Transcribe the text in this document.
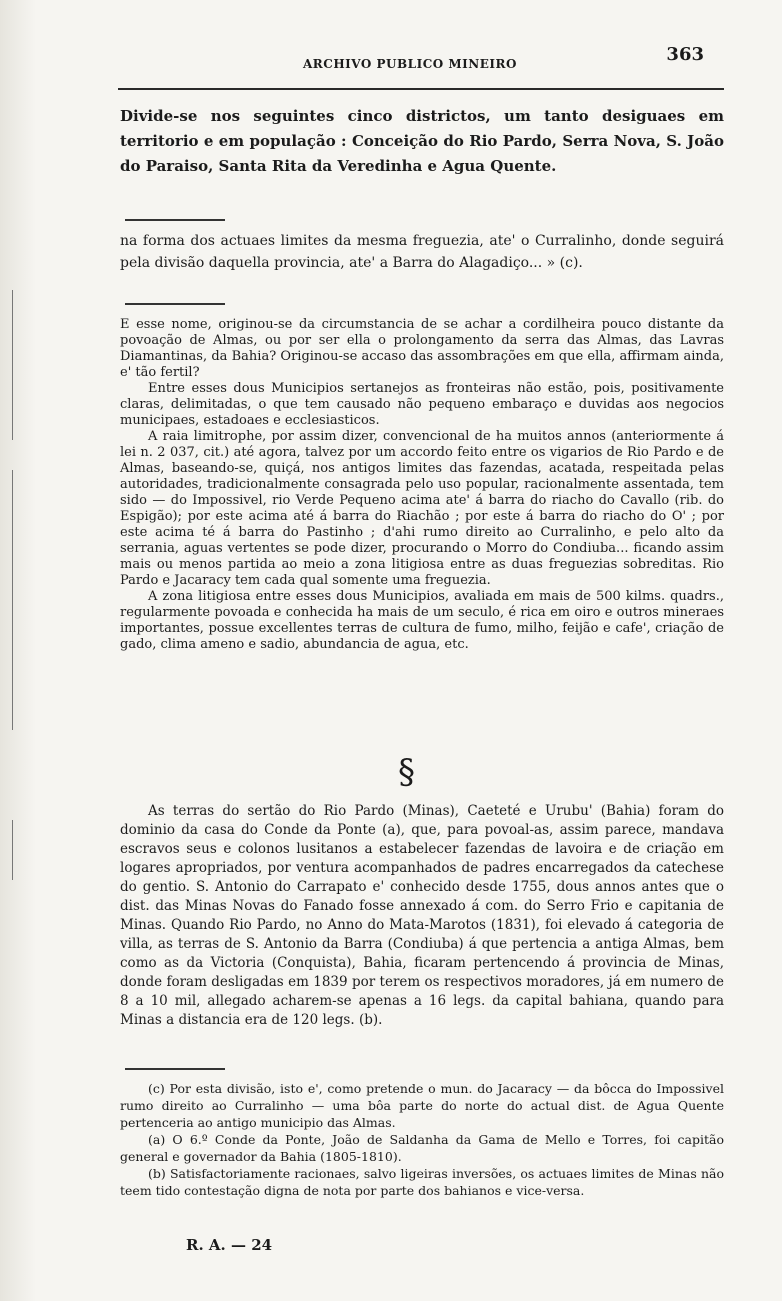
ARCHIVO PUBLICO MINEIRO	363

Divide-se nos seguintes cinco districtos, um tanto desiguaes em territorio e em população : Conceição do Rio Pardo, Serra Nova, S. João do Paraiso, Santa Rita da Veredinha e Agua Quente.

na forma dos actuaes limites da mesma freguezia, ate' o Curralinho, donde seguirá pela divisão daquella provincia, ate' a Barra do Alagadiço... » (c).

E esse nome, originou-se da circumstancia de se achar a cordilheira pouco distante da povoação de Almas, ou por ser ella o prolongamento da serra das Almas, das Lavras Diamantinas, da Bahia? Originou-se accaso das assombrações em que ella, affirmam ainda, e' tão fertil?

Entre esses dous Municipios sertanejos as fronteiras não estão, pois, positivamente claras, delimitadas, o que tem causado não pequeno embaraço e duvidas aos negocios municipaes, estadoaes e ecclesiasticos.

A raia limitrophe, por assim dizer, convencional de ha muitos annos (anteriormente á lei n. 2 037, cit.) até agora, talvez por um accordo feito entre os vigarios de Rio Pardo e de Almas, baseando-se, quiçá, nos antigos limites das fazendas, acatada, respeitada pelas autoridades, tradicionalmente consagrada pelo uso popular, racionalmente assentada, tem sido — do Impossivel, rio Verde Pequeno acima ate' á barra do riacho do Cavallo (rib. do Espigão); por este acima até á barra do Riachão ; por este á barra do riacho do O' ; por este acima té á barra do Pastinho ; d'ahi rumo direito ao Curralinho, e pelo alto da serrania, aguas vertentes se pode dizer, procurando o Morro do Condiuba... ficando assim mais ou menos partida ao meio a zona litigiosa entre as duas freguezias sobreditas. Rio Pardo e Jacaracy tem cada qual somente uma freguezia.

A zona litigiosa entre esses dous Municipios, avaliada em mais de 500 kilms. quadrs., regularmente povoada e conhecida ha mais de um seculo, é rica em oiro e outros mineraes importantes, possue excellentes terras de cultura de fumo, milho, feijão e cafe', criação de gado, clima ameno e sadio, abundancia de agua, etc.

§

As terras do sertão do Rio Pardo (Minas), Caeteté e Urubu' (Bahia) foram do dominio da casa do Conde da Ponte (a), que, para povoal-as, assim parece, mandava escravos seus e colonos lusitanos a estabelecer fazendas de lavoira e de criação em logares apropriados, por ventura acompanhados de padres encarregados da catechese do gentio. S. Antonio do Carrapato e' conhecido desde 1755, dous annos antes que o dist. das Minas Novas do Fanado fosse annexado á com. do Serro Frio e capitania de Minas. Quando Rio Pardo, no Anno do Mata-Marotos (1831), foi elevado á categoria de villa, as terras de S. Antonio da Barra (Condiuba) á que pertencia a antiga Almas, bem como as da Victoria (Conquista), Bahia, ficaram pertencendo á provincia de Minas, donde foram desligadas em 1839 por terem os respectivos moradores, já em numero de 8 a 10 mil, allegado acharem-se apenas a 16 legs. da capital bahiana, quando para Minas a distancia era de 120 legs. (b).

(c) Por esta divisão, isto e', como pretende o mun. do Jacaracy — da bôcca do Impossivel rumo direito ao Curralinho — uma bôa parte do norte do actual dist. de Agua Quente pertenceria ao antigo municipio das Almas.

(a) O 6.º Conde da Ponte, João de Saldanha da Gama de Mello e Torres, foi capitão general e governador da Bahia (1805-1810).

(b) Satisfactoriamente racionaes, salvo ligeiras inversões, os actuaes limites de Minas não teem tido contestação digna de nota por parte dos bahianos e vice-versa.

R. A. — 24
